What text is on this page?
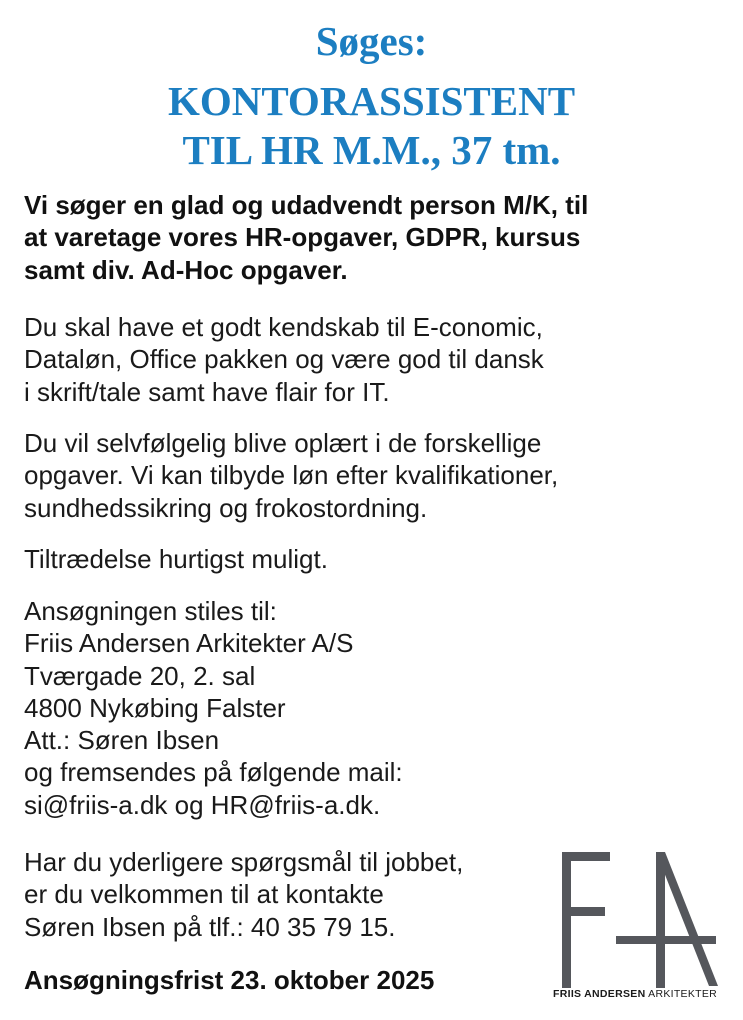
Søges:
KONTORASSISTENT
TIL HR M.M., 37 tm.
Vi søger en glad og udadvendt person M/K, til
at varetage vores HR-opgaver, GDPR, kursus
samt div. Ad-Hoc opgaver.
Du skal have et godt kendskab til E-conomic,
Dataløn, Office pakken og være god til dansk
i skrift/tale samt have flair for IT.
Du vil selvfølgelig blive oplært i de forskellige
opgaver. Vi kan tilbyde løn efter kvalifikationer,
sundhedssikring og frokostordning.
Tiltrædelse hurtigst muligt.
Ansøgningen stiles til:
Friis Andersen Arkitekter A/S
Tværgade 20, 2. sal
4800 Nykøbing Falster
Att.: Søren Ibsen
og fremsendes på følgende mail:
si@friis-a.dk og HR@friis-a.dk.
Har du yderligere spørgsmål til jobbet,
er du velkommen til at kontakte
Søren Ibsen på tlf.: 40 35 79 15.
Ansøgningsfrist 23. oktober 2025	FRIIS ANDERSEN ARKITEKTER
